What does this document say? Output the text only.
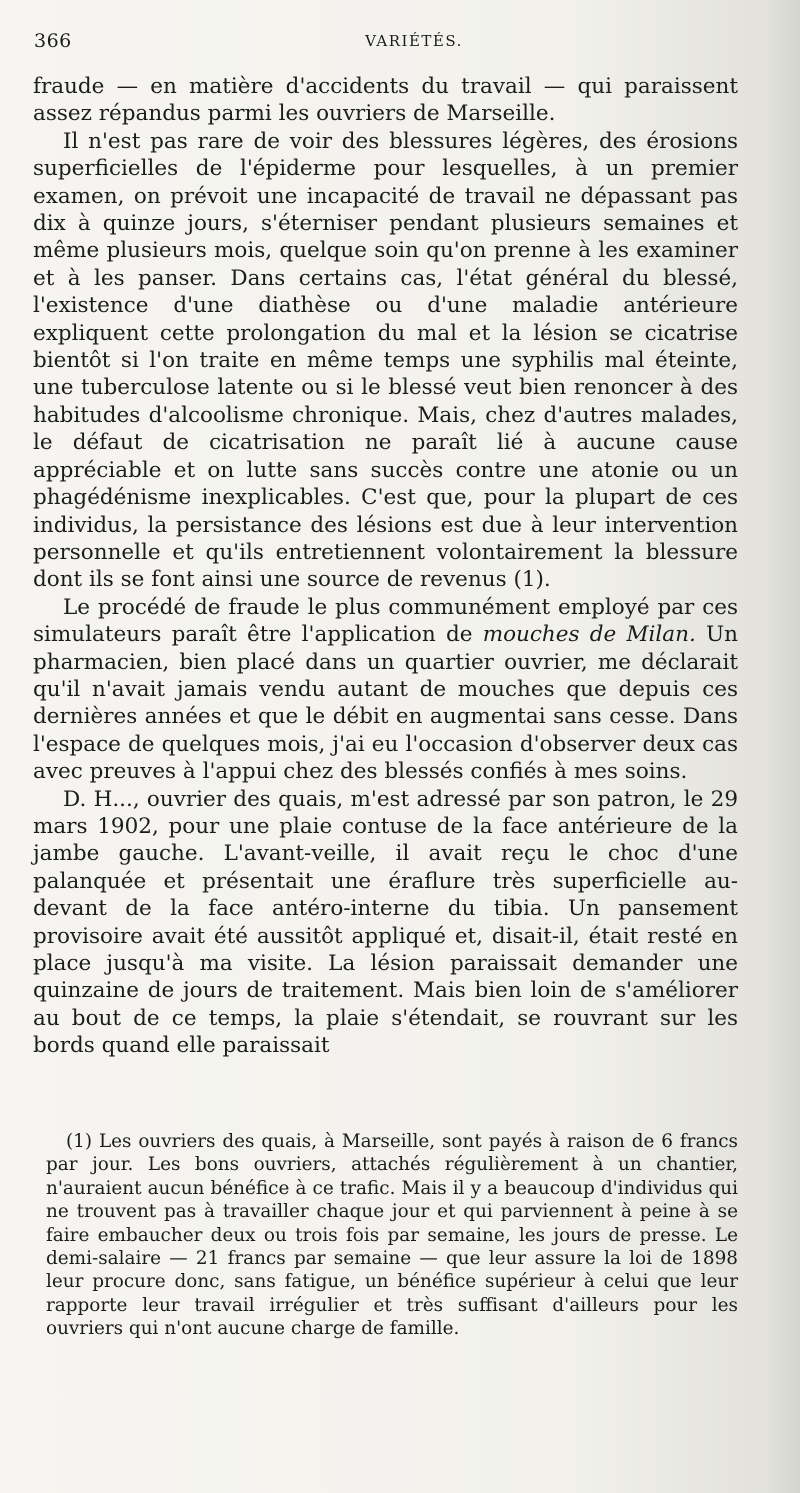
366	VARIÉTÉS.

fraude — en matière d'accidents du travail — qui paraissent assez répandus parmi les ouvriers de Marseille.

Il n'est pas rare de voir des blessures légères, des érosions superficielles de l'épiderme pour lesquelles, à un premier examen, on prévoit une incapacité de travail ne dépassant pas dix à quinze jours, s'éterniser pendant plusieurs semaines et même plusieurs mois, quelque soin qu'on prenne à les examiner et à les panser. Dans certains cas, l'état général du blessé, l'existence d'une diathèse ou d'une maladie antérieure expliquent cette prolongation du mal et la lésion se cicatrise bientôt si l'on traite en même temps une syphilis mal éteinte, une tuberculose latente ou si le blessé veut bien renoncer à des habitudes d'alcoolisme chronique. Mais, chez d'autres malades, le défaut de cicatrisation ne paraît lié à aucune cause appréciable et on lutte sans succès contre une atonie ou un phagédénisme inexplicables. C'est que, pour la plupart de ces individus, la persistance des lésions est due à leur intervention personnelle et qu'ils entretiennent volontairement la blessure dont ils se font ainsi une source de revenus (1).

Le procédé de fraude le plus communément employé par ces simulateurs paraît être l'application de mouches de Milan. Un pharmacien, bien placé dans un quartier ouvrier, me déclarait qu'il n'avait jamais vendu autant de mouches que depuis ces dernières années et que le débit en augmentai sans cesse. Dans l'espace de quelques mois, j'ai eu l'occasion d'observer deux cas avec preuves à l'appui chez des blessés confiés à mes soins.

D. H..., ouvrier des quais, m'est adressé par son patron, le 29 mars 1902, pour une plaie contuse de la face antérieure de la jambe gauche. L'avant-veille, il avait reçu le choc d'une palanquée et présentait une éraflure très superficielle au-devant de la face antéro-interne du tibia. Un pansement provisoire avait été aussitôt appliqué et, disait-il, était resté en place jusqu'à ma visite. La lésion paraissait demander une quinzaine de jours de traitement. Mais bien loin de s'améliorer au bout de ce temps, la plaie s'étendait, se rouvrant sur les bords quand elle paraissait

(1) Les ouvriers des quais, à Marseille, sont payés à raison de 6 francs par jour. Les bons ouvriers, attachés régulièrement à un chantier, n'auraient aucun bénéfice à ce trafic. Mais il y a beaucoup d'individus qui ne trouvent pas à travailler chaque jour et qui parviennent à peine à se faire embaucher deux ou trois fois par semaine, les jours de presse. Le demi-salaire — 21 francs par semaine — que leur assure la loi de 1898 leur procure donc, sans fatigue, un bénéfice supérieur à celui que leur rapporte leur travail irrégulier et très suffisant d'ailleurs pour les ouvriers qui n'ont aucune charge de famille.
